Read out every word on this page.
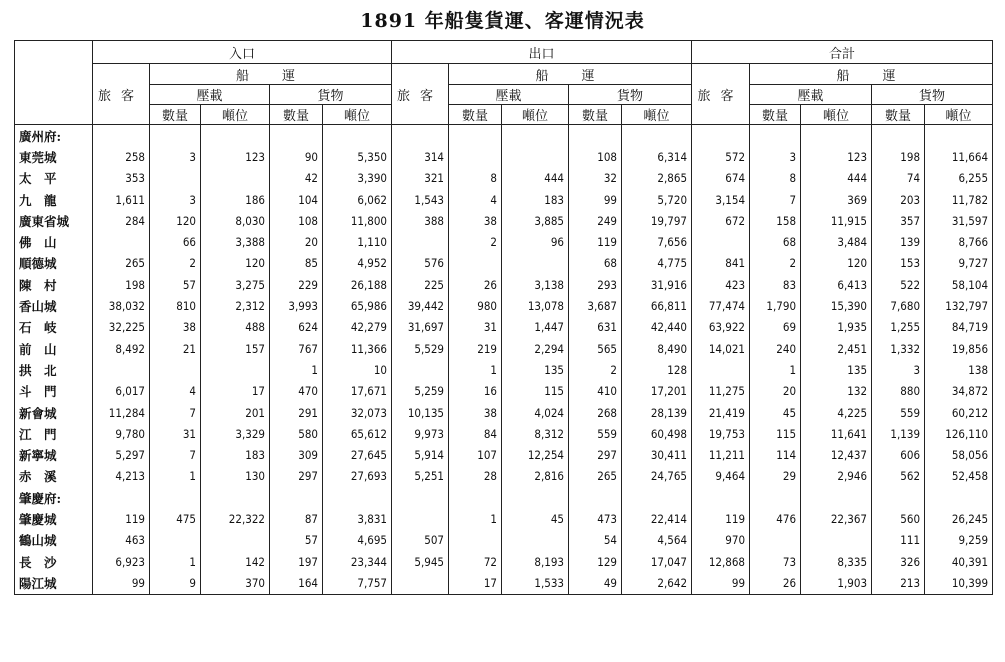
1891 年船隻貨運、客運情況表
	入口					出口					合計				
	旅客	船　運				旅客	船　運				旅客	船　運			
		壓載		貨物			壓載		貨物			壓載		貨物	
		數量	噸位	數量	噸位		數量	噸位	數量	噸位		數量	噸位	數量	噸位
廣州府:															
東莞城	258	3	123	90	5,350	314			108	6,314	572	3	123	198	11,664
太　平	353			42	3,390	321	8	444	32	2,865	674	8	444	74	6,255
九　龍	1,611	3	186	104	6,062	1,543	4	183	99	5,720	3,154	7	369	203	11,782
廣東省城	284	120	8,030	108	11,800	388	38	3,885	249	19,797	672	158	11,915	357	31,597
佛　山		66	3,388	20	1,110		2	96	119	7,656		68	3,484	139	8,766
順德城	265	2	120	85	4,952	576			68	4,775	841	2	120	153	9,727
陳　村	198	57	3,275	229	26,188	225	26	3,138	293	31,916	423	83	6,413	522	58,104
香山城	38,032	810	2,312	3,993	65,986	39,442	980	13,078	3,687	66,811	77,474	1,790	15,390	7,680	132,797
石　岐	32,225	38	488	624	42,279	31,697	31	1,447	631	42,440	63,922	69	1,935	1,255	84,719
前　山	8,492	21	157	767	11,366	5,529	219	2,294	565	8,490	14,021	240	2,451	1,332	19,856
拱　北				1	10		1	135	2	128		1	135	3	138
斗　門	6,017	4	17	470	17,671	5,259	16	115	410	17,201	11,275	20	132	880	34,872
新會城	11,284	7	201	291	32,073	10,135	38	4,024	268	28,139	21,419	45	4,225	559	60,212
江　門	9,780	31	3,329	580	65,612	9,973	84	8,312	559	60,498	19,753	115	11,641	1,139	126,110
新寧城	5,297	7	183	309	27,645	5,914	107	12,254	297	30,411	11,211	114	12,437	606	58,056
赤　溪	4,213	1	130	297	27,693	5,251	28	2,816	265	24,765	9,464	29	2,946	562	52,458
肇慶府:															
肇慶城	119	475	22,322	87	3,831		1	45	473	22,414	119	476	22,367	560	26,245
鶴山城	463			57	4,695	507			54	4,564	970			111	9,259
長　沙	6,923	1	142	197	23,344	5,945	72	8,193	129	17,047	12,868	73	8,335	326	40,391
陽江城	99	9	370	164	7,757		17	1,533	49	2,642	99	26	1,903	213	10,399
